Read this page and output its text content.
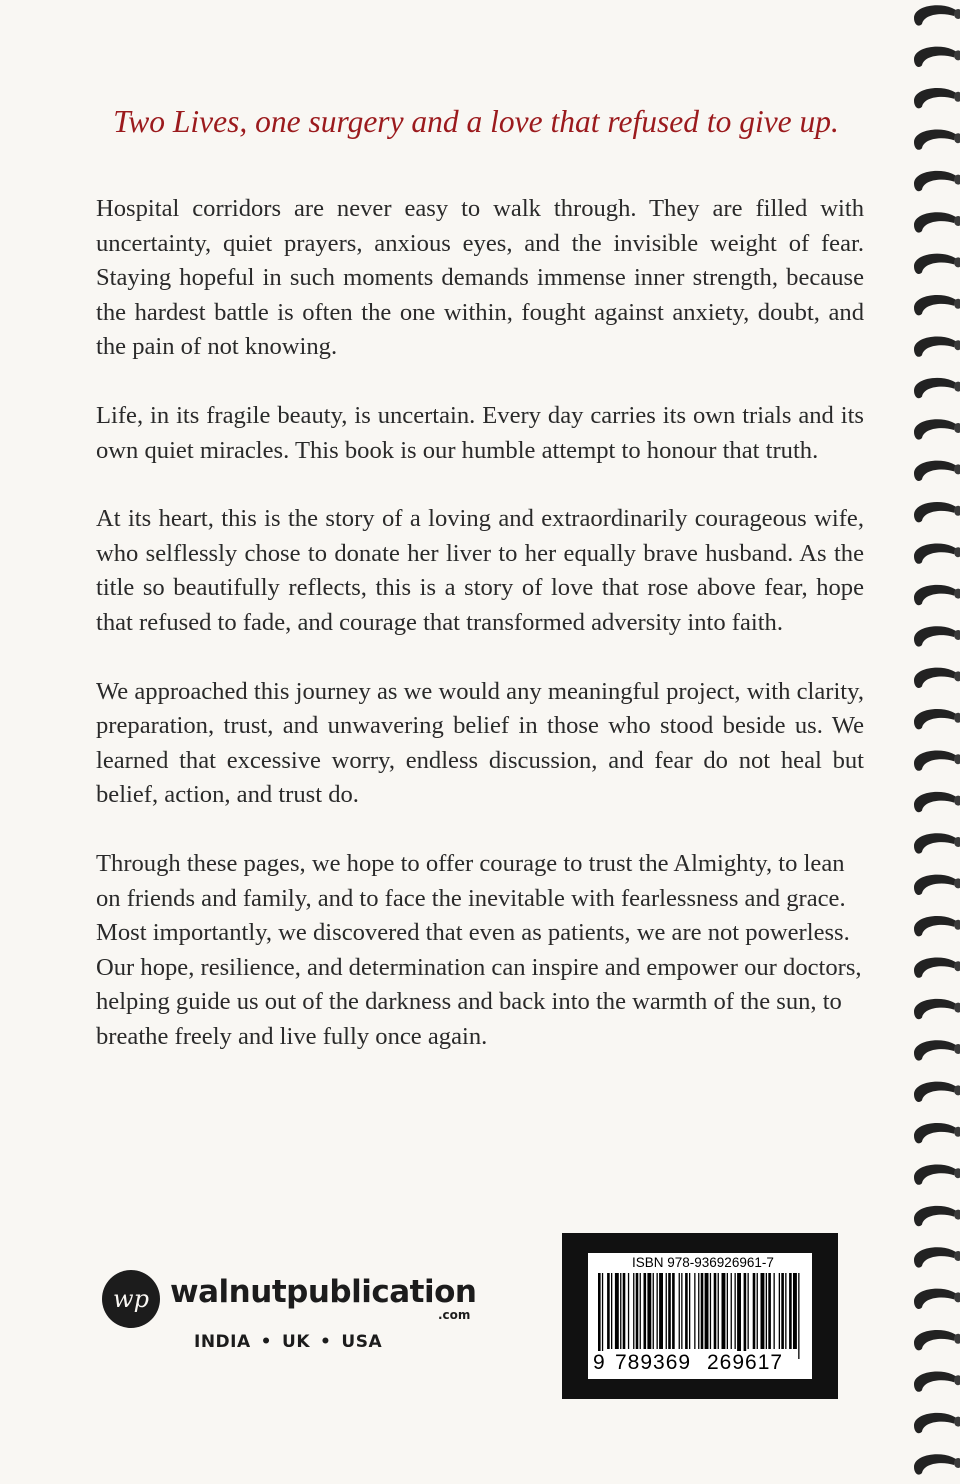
Two Lives, one surgery and a love that refused to give up.

Hospital corridors are never easy to walk through. They are filled with uncertainty, quiet prayers, anxious eyes, and the invisible weight of fear. Staying hopeful in such moments demands immense inner strength, because the hardest battle is often the one within, fought against anxiety, doubt, and the pain of not knowing.

Life, in its fragile beauty, is uncertain. Every day carries its own trials and its own quiet miracles. This book is our humble attempt to honour that truth.

At its heart, this is the story of a loving and extraordinarily courageous wife, who selflessly chose to donate her liver to her equally brave husband. As the title so beautifully reflects, this is a story of love that rose above fear, hope that refused to fade, and courage that transformed adversity into faith.

We approached this journey as we would any meaningful project, with clarity, preparation, trust, and unwavering belief in those who stood beside us. We learned that excessive worry, endless discussion, and fear do not heal but belief, action, and trust do.

Through these pages, we hope to offer courage to trust the Almighty, to lean on friends and family, and to face the inevitable with fearlessness and grace. Most importantly, we discovered that even as patients, we are not powerless. Our hope, resilience, and determination can inspire and empower our doctors, helping guide us out of the darkness and back into the warmth of the sun, to breathe freely and live fully once again.

wp walnutpublication
.com
INDIA • UK • USA
ISBN 978-936926961-7
9 789369 269617
